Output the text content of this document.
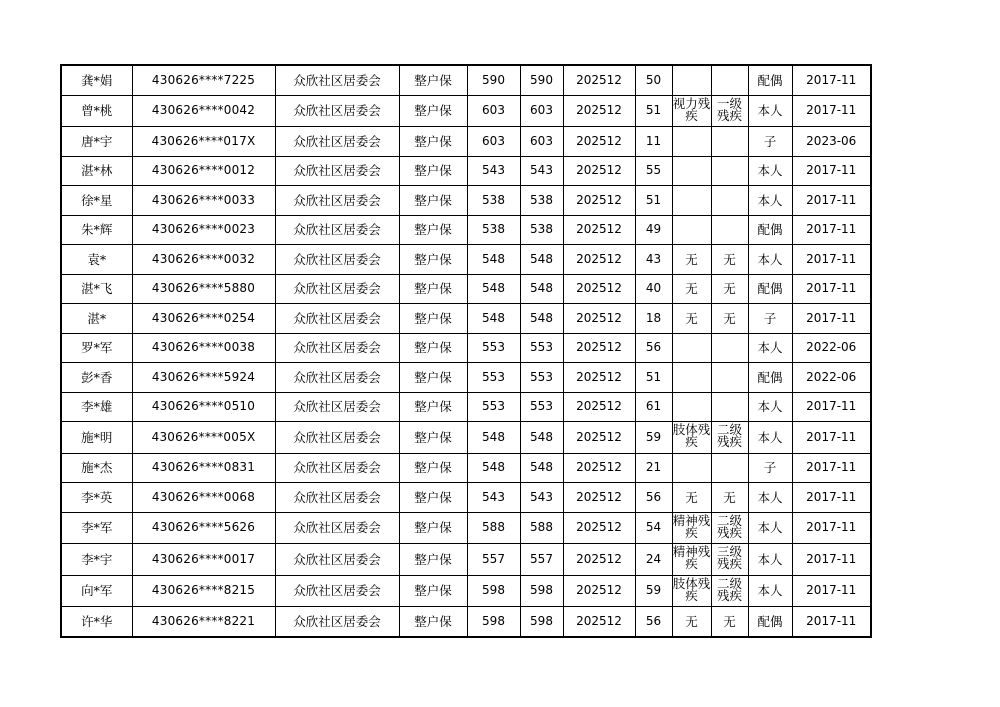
龚*娟	430626****7225	众欣社区居委会	整户保	590	590	202512	50			配偶	2017-11
曾*桃	430626****0042	众欣社区居委会	整户保	603	603	202512	51	视力残疾	一级残疾	本人	2017-11
唐*宇	430626****017X	众欣社区居委会	整户保	603	603	202512	11			子	2023-06
湛*林	430626****0012	众欣社区居委会	整户保	543	543	202512	55			本人	2017-11
徐*星	430626****0033	众欣社区居委会	整户保	538	538	202512	51			本人	2017-11
朱*辉	430626****0023	众欣社区居委会	整户保	538	538	202512	49			配偶	2017-11
袁*	430626****0032	众欣社区居委会	整户保	548	548	202512	43	无	无	本人	2017-11
湛*飞	430626****5880	众欣社区居委会	整户保	548	548	202512	40	无	无	配偶	2017-11
湛*	430626****0254	众欣社区居委会	整户保	548	548	202512	18	无	无	子	2017-11
罗*军	430626****0038	众欣社区居委会	整户保	553	553	202512	56			本人	2022-06
彭*香	430626****5924	众欣社区居委会	整户保	553	553	202512	51			配偶	2022-06
李*雄	430626****0510	众欣社区居委会	整户保	553	553	202512	61			本人	2017-11
施*明	430626****005X	众欣社区居委会	整户保	548	548	202512	59	肢体残疾	二级残疾	本人	2017-11
施*杰	430626****0831	众欣社区居委会	整户保	548	548	202512	21			子	2017-11
李*英	430626****0068	众欣社区居委会	整户保	543	543	202512	56	无	无	本人	2017-11
李*军	430626****5626	众欣社区居委会	整户保	588	588	202512	54	精神残疾	二级残疾	本人	2017-11
李*宇	430626****0017	众欣社区居委会	整户保	557	557	202512	24	精神残疾	三级残疾	本人	2017-11
向*军	430626****8215	众欣社区居委会	整户保	598	598	202512	59	肢体残疾	二级残疾	本人	2017-11
许*华	430626****8221	众欣社区居委会	整户保	598	598	202512	56	无	无	配偶	2017-11
